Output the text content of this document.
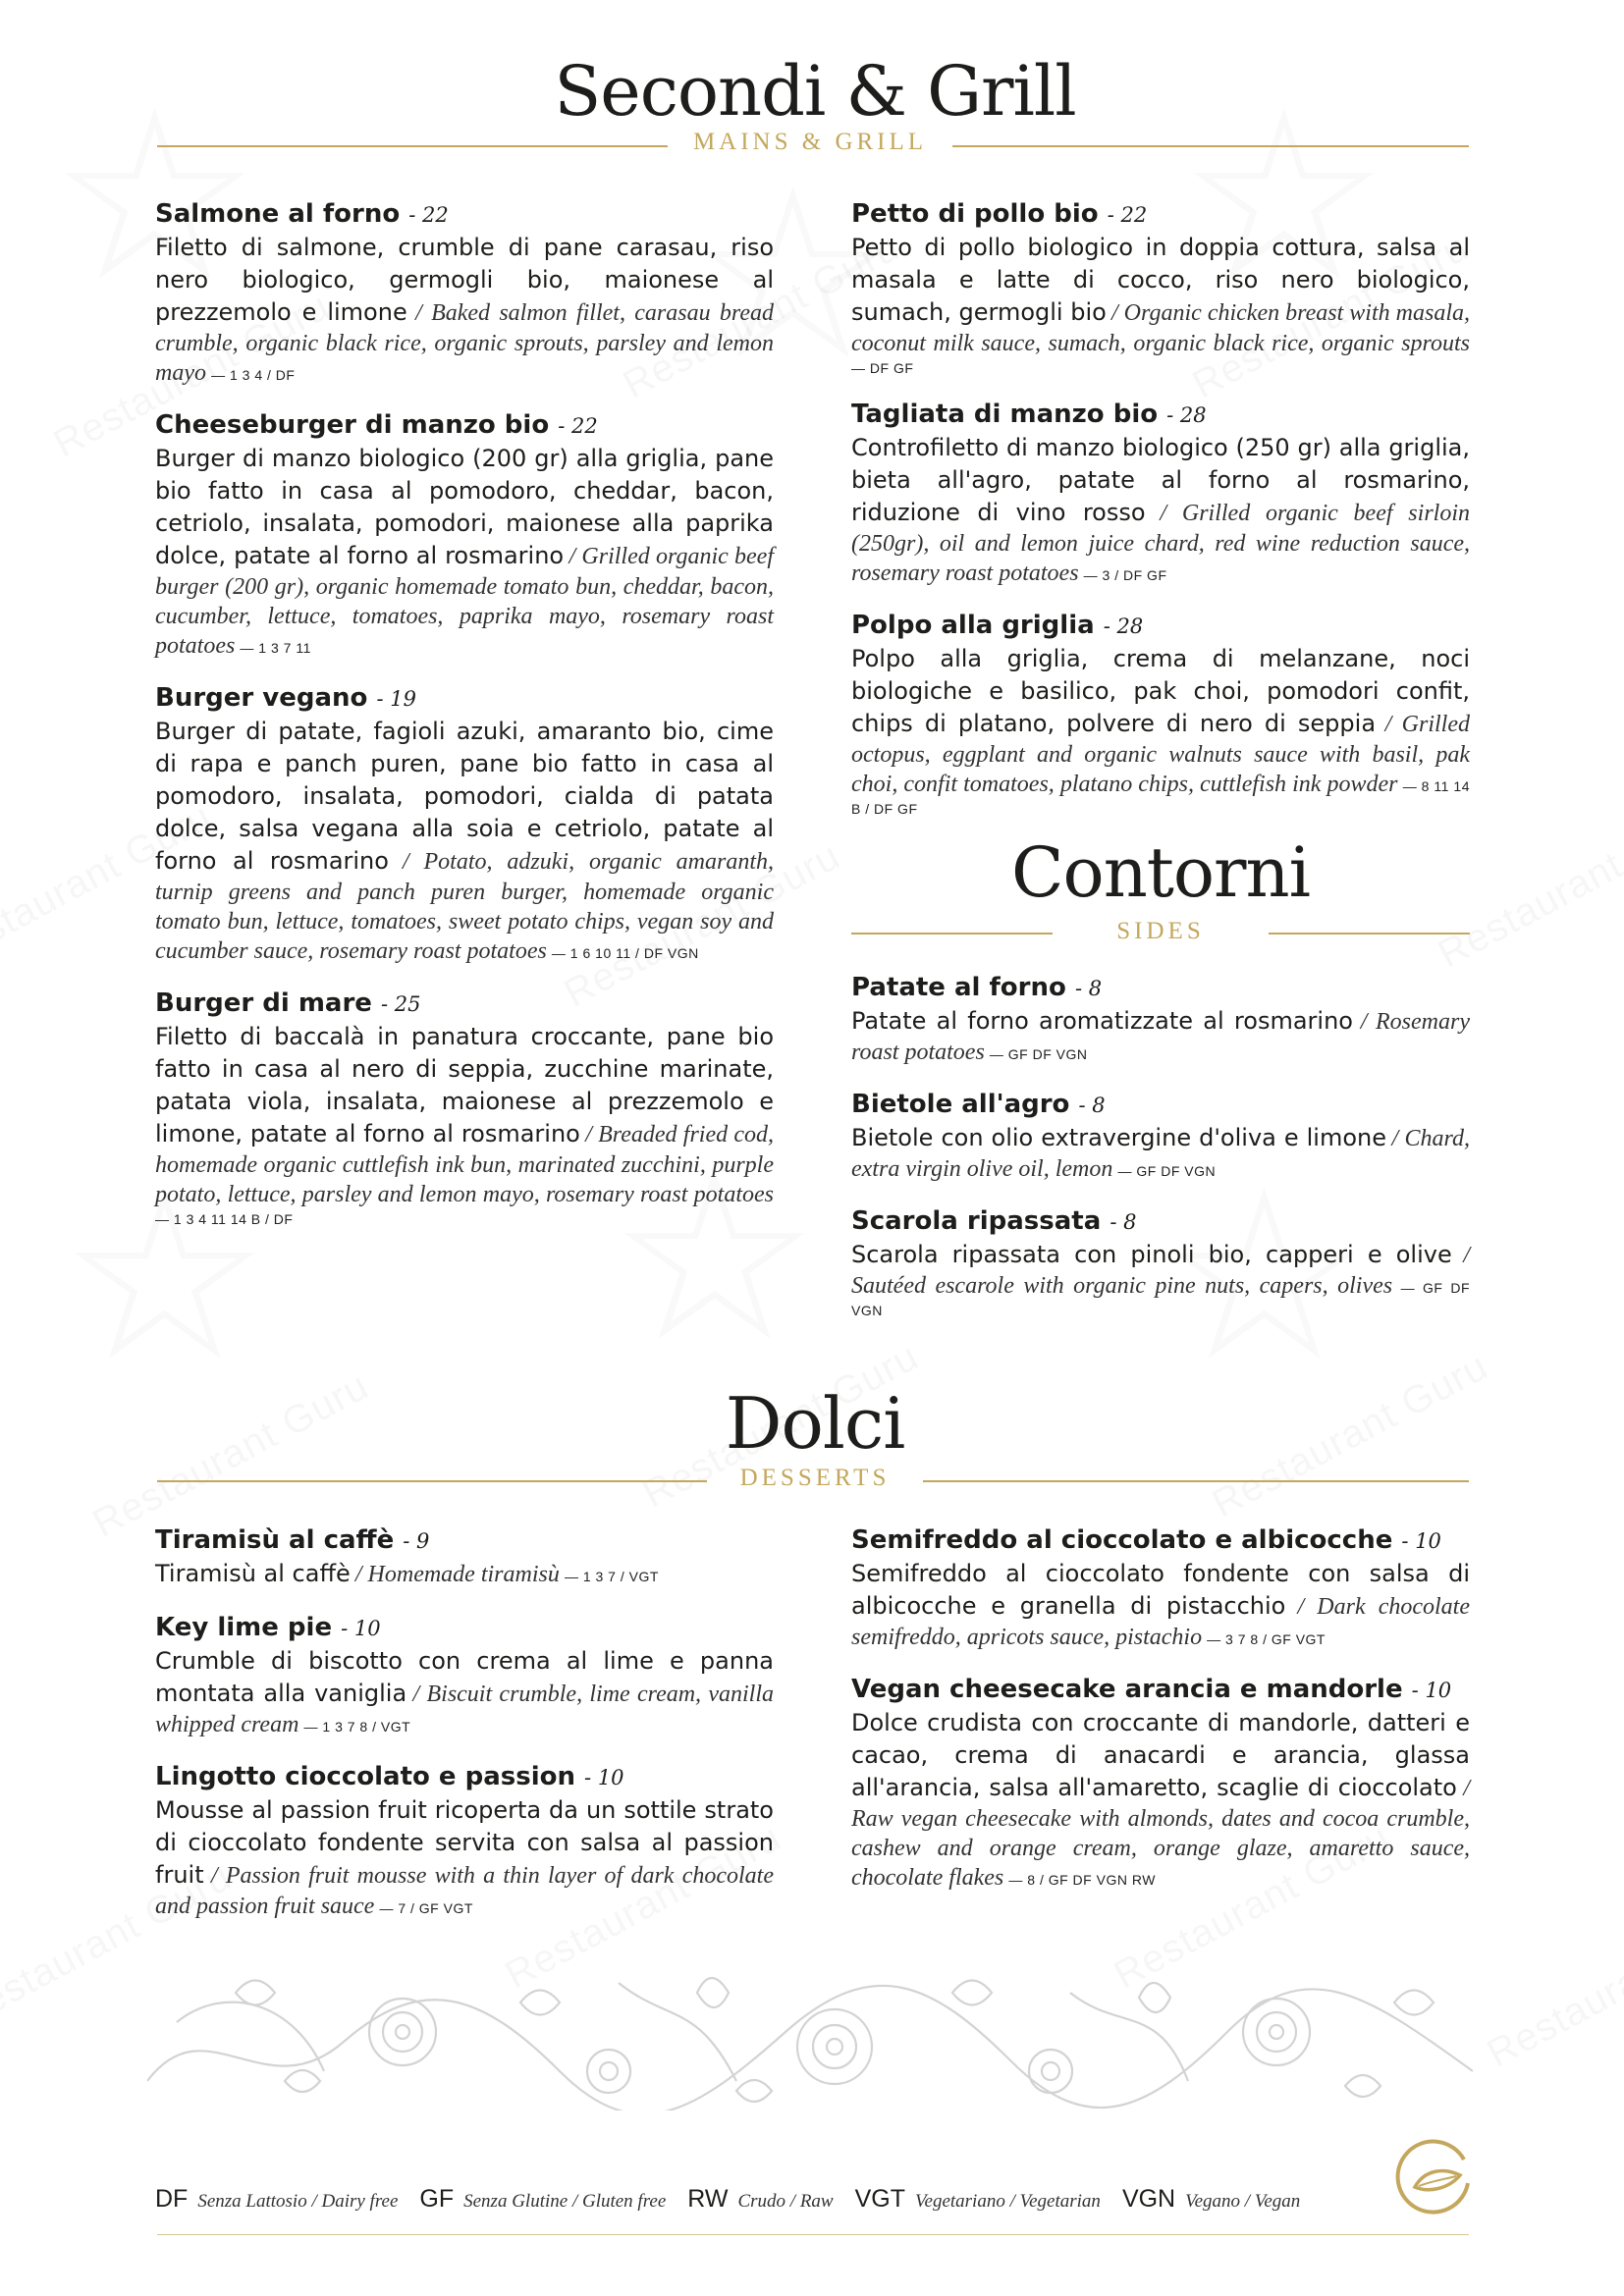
Secondi & Grill
MAINS & GRILL
Salmone al forno - 22
Filetto di salmone, crumble di pane carasau, riso nero biologico, germogli bio, maionese al prezzemolo e limone / Baked salmon fillet, carasau bread crumble, organic black rice, organic sprouts, parsley and lemon mayo — 1 3 4 / DF
Cheeseburger di manzo bio - 22
Burger di manzo biologico (200 gr) alla griglia, pane bio fatto in casa al pomodoro, cheddar, bacon, cetriolo, insalata, pomodori, maionese alla paprika dolce, patate al forno al rosmarino / Grilled organic beef burger (200 gr), organic homemade tomato bun, cheddar, bacon, cucumber, lettuce, tomatoes, paprika mayo, rosemary roast potatoes — 1 3 7 11
Burger vegano - 19
Burger di patate, fagioli azuki, amaranto bio, cime di rapa e panch puren, pane bio fatto in casa al pomodoro, insalata, pomodori, cialda di patata dolce, salsa vegana alla soia e cetriolo, patate al forno al rosmarino / Potato, adzuki, organic amaranth, turnip greens and panch puren burger, homemade organic tomato bun, lettuce, tomatoes, sweet potato chips, vegan soy and cucumber sauce, rosemary roast potatoes — 1 6 10 11 / DF VGN
Burger di mare - 25
Filetto di baccalà in panatura croccante, pane bio fatto in casa al nero di seppia, zucchine marinate, patata viola, insalata, maionese al prezzemolo e limone, patate al forno al rosmarino / Breaded fried cod, homemade organic cuttlefish ink bun, marinated zucchini, purple potato, lettuce, parsley and lemon mayo, rosemary roast potatoes — 1 3 4 11 14 B / DF
Petto di pollo bio - 22
Petto di pollo biologico in doppia cottura, salsa al masala e latte di cocco, riso nero biologico, sumach, germogli bio / Organic chicken breast with masala, coconut milk sauce, sumach, organic black rice, organic sprouts — DF GF
Tagliata di manzo bio - 28
Controfiletto di manzo biologico (250 gr) alla griglia, bieta all'agro, patate al forno al rosmarino, riduzione di vino rosso / Grilled organic beef sirloin (250gr), oil and lemon juice chard, red wine reduction sauce, rosemary roast potatoes — 3 / DF GF
Polpo alla griglia - 28
Polpo alla griglia, crema di melanzane, noci biologiche e basilico, pak choi, pomodori confit, chips di platano, polvere di nero di seppia / Grilled octopus, eggplant and organic walnuts sauce with basil, pak choi, confit tomatoes, platano chips, cuttlefish ink powder — 8 11 14 B / DF GF
Contorni
SIDES
Patate al forno - 8
Patate al forno aromatizzate al rosmarino / Rosemary roast potatoes — GF DF VGN
Bietole all'agro - 8
Bietole con olio extravergine d'oliva e limone / Chard, extra virgin olive oil, lemon — GF DF VGN
Scarola ripassata - 8
Scarola ripassata con pinoli bio, capperi e olive / Sautéed escarole with organic pine nuts, capers, olives — GF DF VGN
Dolci
DESSERTS
Tiramisù al caffè - 9
Tiramisù al caffè / Homemade tiramisù — 1 3 7 / VGT
Key lime pie - 10
Crumble di biscotto con crema al lime e panna montata alla vaniglia / Biscuit crumble, lime cream, vanilla whipped cream — 1 3 7 8 / VGT
Lingotto cioccolato e passion - 10
Mousse al passion fruit ricoperta da un sottile strato di cioccolato fondente servita con salsa al passion fruit / Passion fruit mousse with a thin layer of dark chocolate and passion fruit sauce — 7 / GF VGT
Semifreddo al cioccolato e albicocche - 10
Semifreddo al cioccolato fondente con salsa di albicocche e granella di pistacchio / Dark chocolate semifreddo, apricots sauce, pistachio — 3 7 8 / GF VGT
Vegan cheesecake arancia e mandorle - 10
Dolce crudista con croccante di mandorle, datteri e cacao, crema di anacardi e arancia, glassa all'arancia, salsa all'amaretto, scaglie di cioccolato / Raw vegan cheesecake with almonds, dates and cocoa crumble, cashew and orange cream, orange glaze, amaretto sauce, chocolate flakes — 8 / GF DF VGN RW
DF Senza Lattosio / Dairy free GF Senza Glutine / Gluten free RW Crudo / Raw VGT Vegetariano / Vegetarian VGN Vegano / Vegan
